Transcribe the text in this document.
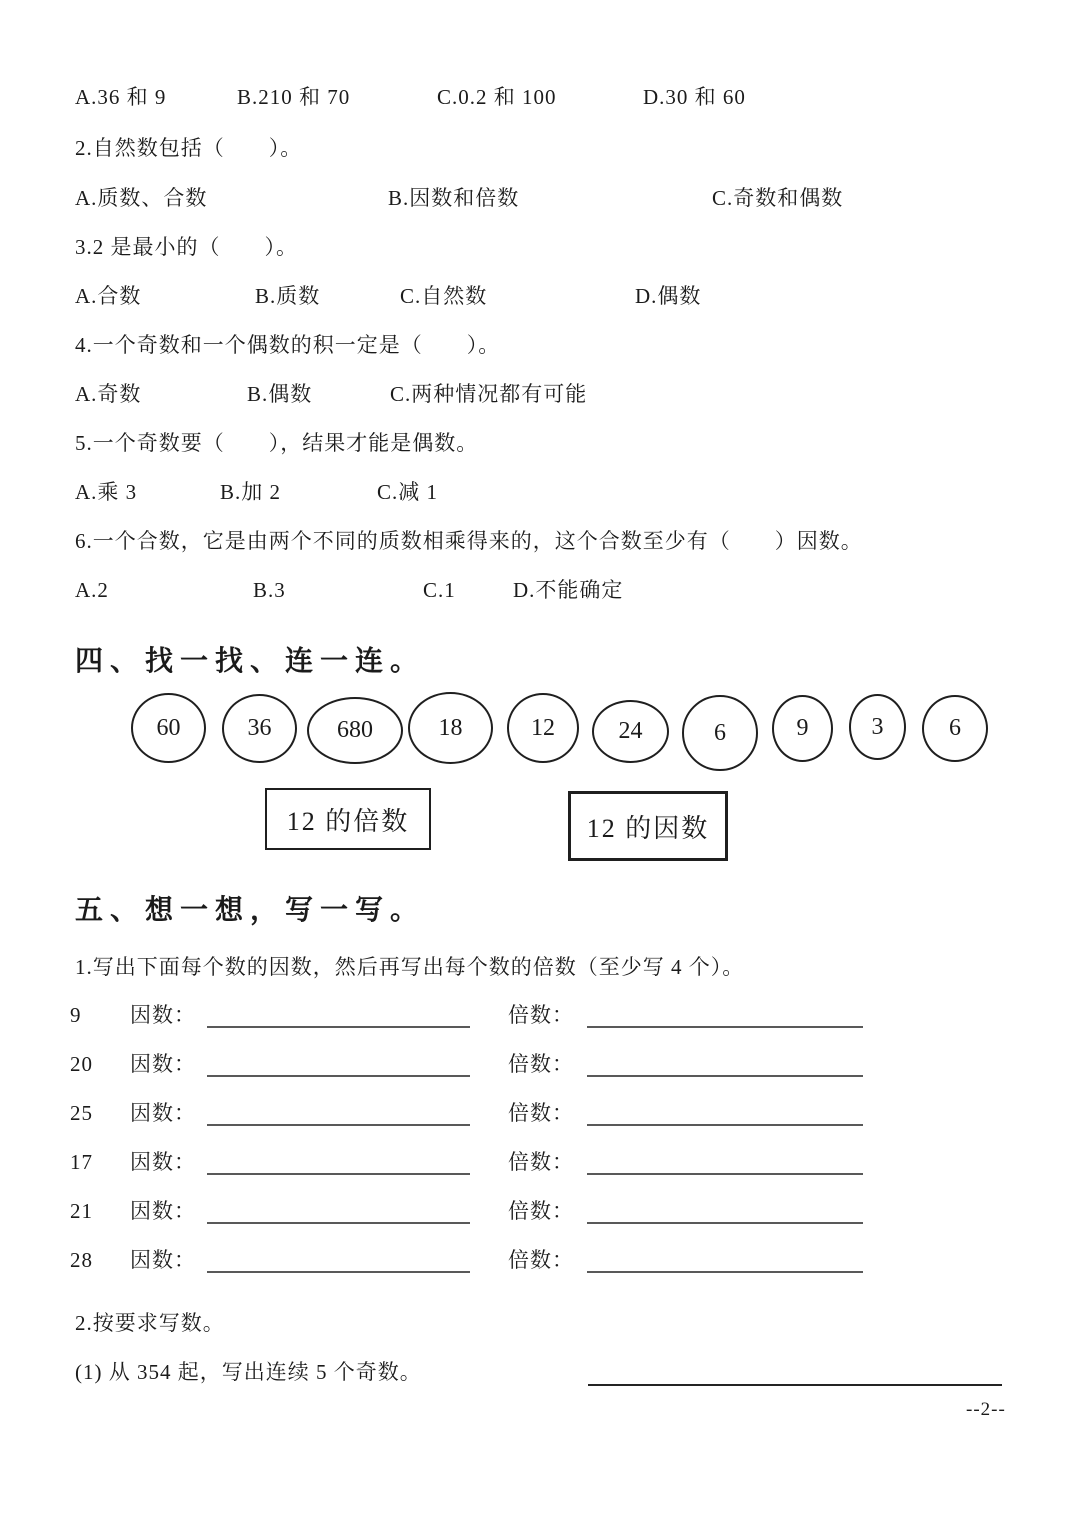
A.36 和 9	B.210 和 70	C.0.2 和 100	D.30 和 60
2.自然数包括（　　）。
A.质数、合数	B.因数和倍数	C.奇数和偶数
3.2 是最小的（　　）。
A.合数	B.质数	C.自然数	D.偶数
4.一个奇数和一个偶数的积一定是（　　）。
A.奇数	B.偶数	C.两种情况都有可能
5.一个奇数要（　　），结果才能是偶数。
A.乘 3	B.加 2	C.减 1
6.一个合数，它是由两个不同的质数相乘得来的，这个合数至少有（　　）因数。
A.2	B.3	C.1	D.不能确定
四、找一找、连一连。
60	36	680	18	12	24	6	9	3	6
12 的倍数	12 的因数
五、想一想，写一写。
1.写出下面每个数的因数，然后再写出每个数的倍数（至少写 4 个）。
9 因数：	倍数：
20 因数：	倍数：
25 因数：	倍数：
17 因数：	倍数：
21 因数：	倍数：
28 因数：	倍数：
2.按要求写数。
(1) 从 354 起，写出连续 5 个奇数。
--2--
